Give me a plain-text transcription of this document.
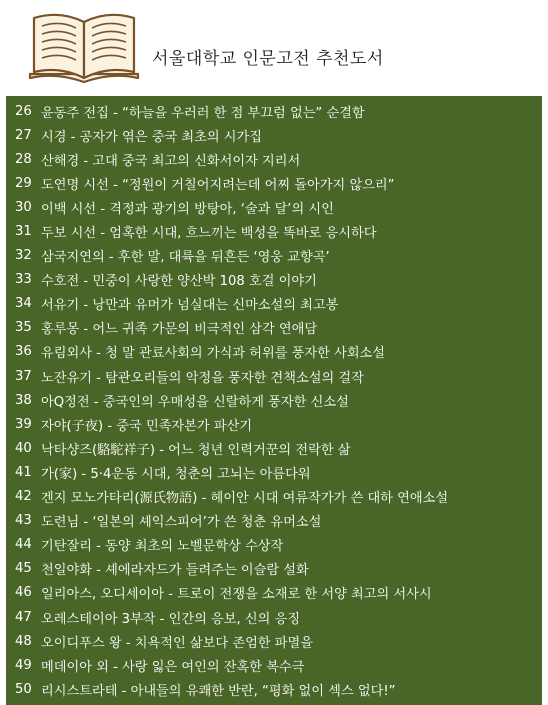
서울대학교 인문고전 추천도서
26 윤동주 전집 - “하늘을 우러러 한 점 부끄럼 없는” 순결함
27 시경 - 공자가 엮은 중국 최초의 시가집
28 산해경 - 고대 중국 최고의 신화서이자 지리서
29 도연명 시선 - “정원이 거칠어지려는데 어찌 돌아가지 않으리”
30 이백 시선 - 격정과 광기의 방탕아, ‘술과 달’의 시인
31 두보 시선 - 엄혹한 시대, 흐느끼는 백성을 똑바로 응시하다
32 삼국지연의 - 후한 말, 대륙을 뒤흔든 ‘영웅 교향곡’
33 수호전 - 민중이 사랑한 양산박 108 호걸 이야기
34 서유기 - 낭만과 유머가 넘실대는 신마소설의 최고봉
35 홍루몽 - 어느 귀족 가문의 비극적인 삼각 연애담
36 유림외사 - 청 말 관료사회의 가식과 허위를 풍자한 사회소설
37 노잔유기 - 탐관오리들의 악정을 풍자한 견책소설의 걸작
38 아Q정전 - 중국인의 우매성을 신랄하게 풍자한 신소설
39 자야(子夜) - 중국 민족자본가 파산기
40 낙타샹즈(駱駝祥子) - 어느 청년 인력거꾼의 전락한 삶
41 가(家) - 5·4운동 시대, 청춘의 고뇌는 아름다워
42 겐지 모노가타리(源氏物語) - 헤이안 시대 여류작가가 쓴 대하 연애소설
43 도련님 - ‘일본의 셰익스피어’가 쓴 청춘 유머소설
44 기탄잘리 - 동양 최초의 노벨문학상 수상작
45 천일야화 - 셰에라자드가 들려주는 이슬람 설화
46 일리아스, 오디세이아 - 트로이 전쟁을 소재로 한 서양 최고의 서사시
47 오레스테이아 3부작 - 인간의 응보, 신의 응징
48 오이디푸스 왕 - 치욕적인 삶보다 존엄한 파멸을
49 메데이아 외 - 사랑 잃은 여인의 잔혹한 복수극
50 리시스트라테 - 아내들의 유쾌한 반란, “평화 없이 섹스 없다!”
